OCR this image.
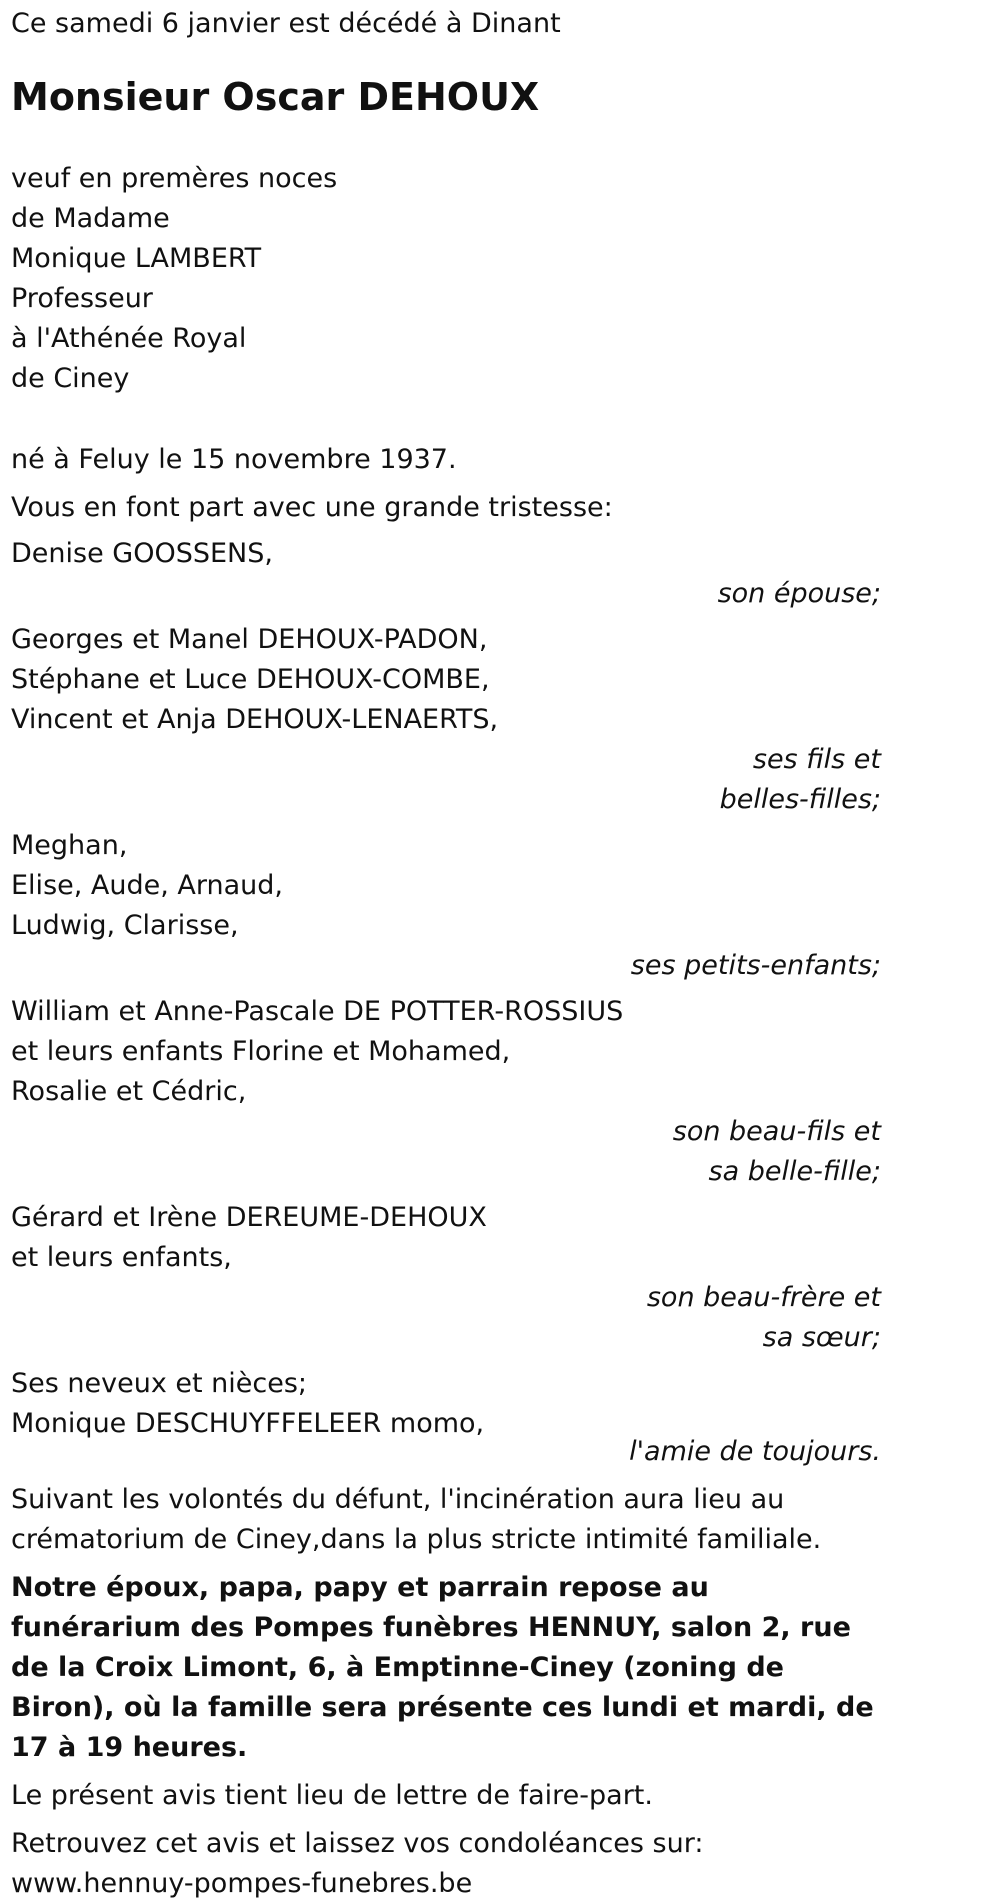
Ce samedi 6 janvier est décédé à Dinant
Monsieur Oscar DEHOUX
veuf en premères noces
de Madame
Monique LAMBERT
Professeur
à l'Athénée Royal
de Ciney
né à Feluy le 15 novembre 1937.
Vous en font part avec une grande tristesse:
Denise GOOSSENS,
son épouse;
Georges et Manel DEHOUX-PADON,
Stéphane et Luce DEHOUX-COMBE,
Vincent et Anja DEHOUX-LENAERTS,
ses fils et belles-filles;
Meghan,
Elise, Aude, Arnaud,
Ludwig, Clarisse,
ses petits-enfants;
William et Anne-Pascale DE POTTER-ROSSIUS
et leurs enfants Florine et Mohamed,
Rosalie et Cédric,
son beau-fils et sa belle-fille;
Gérard et Irène DEREUME-DEHOUX
et leurs enfants,
son beau-frère et sa sœur;
Ses neveux et nièces;
Monique DESCHUYFFELEER momo,
l'amie de toujours.
Suivant les volontés du défunt, l'incinération aura lieu au crématorium de Ciney,dans la plus stricte intimité familiale.
Notre époux, papa, papy et parrain repose au funérarium des Pompes funèbres HENNUY, salon 2, rue de la Croix Limont, 6, à Emptinne-Ciney (zoning de Biron), où la famille sera présente ces lundi et mardi, de 17 à 19 heures.
Le présent avis tient lieu de lettre de faire-part.
Retrouvez cet avis et laissez vos condoléances sur: www.hennuy-pompes-funebres.be
